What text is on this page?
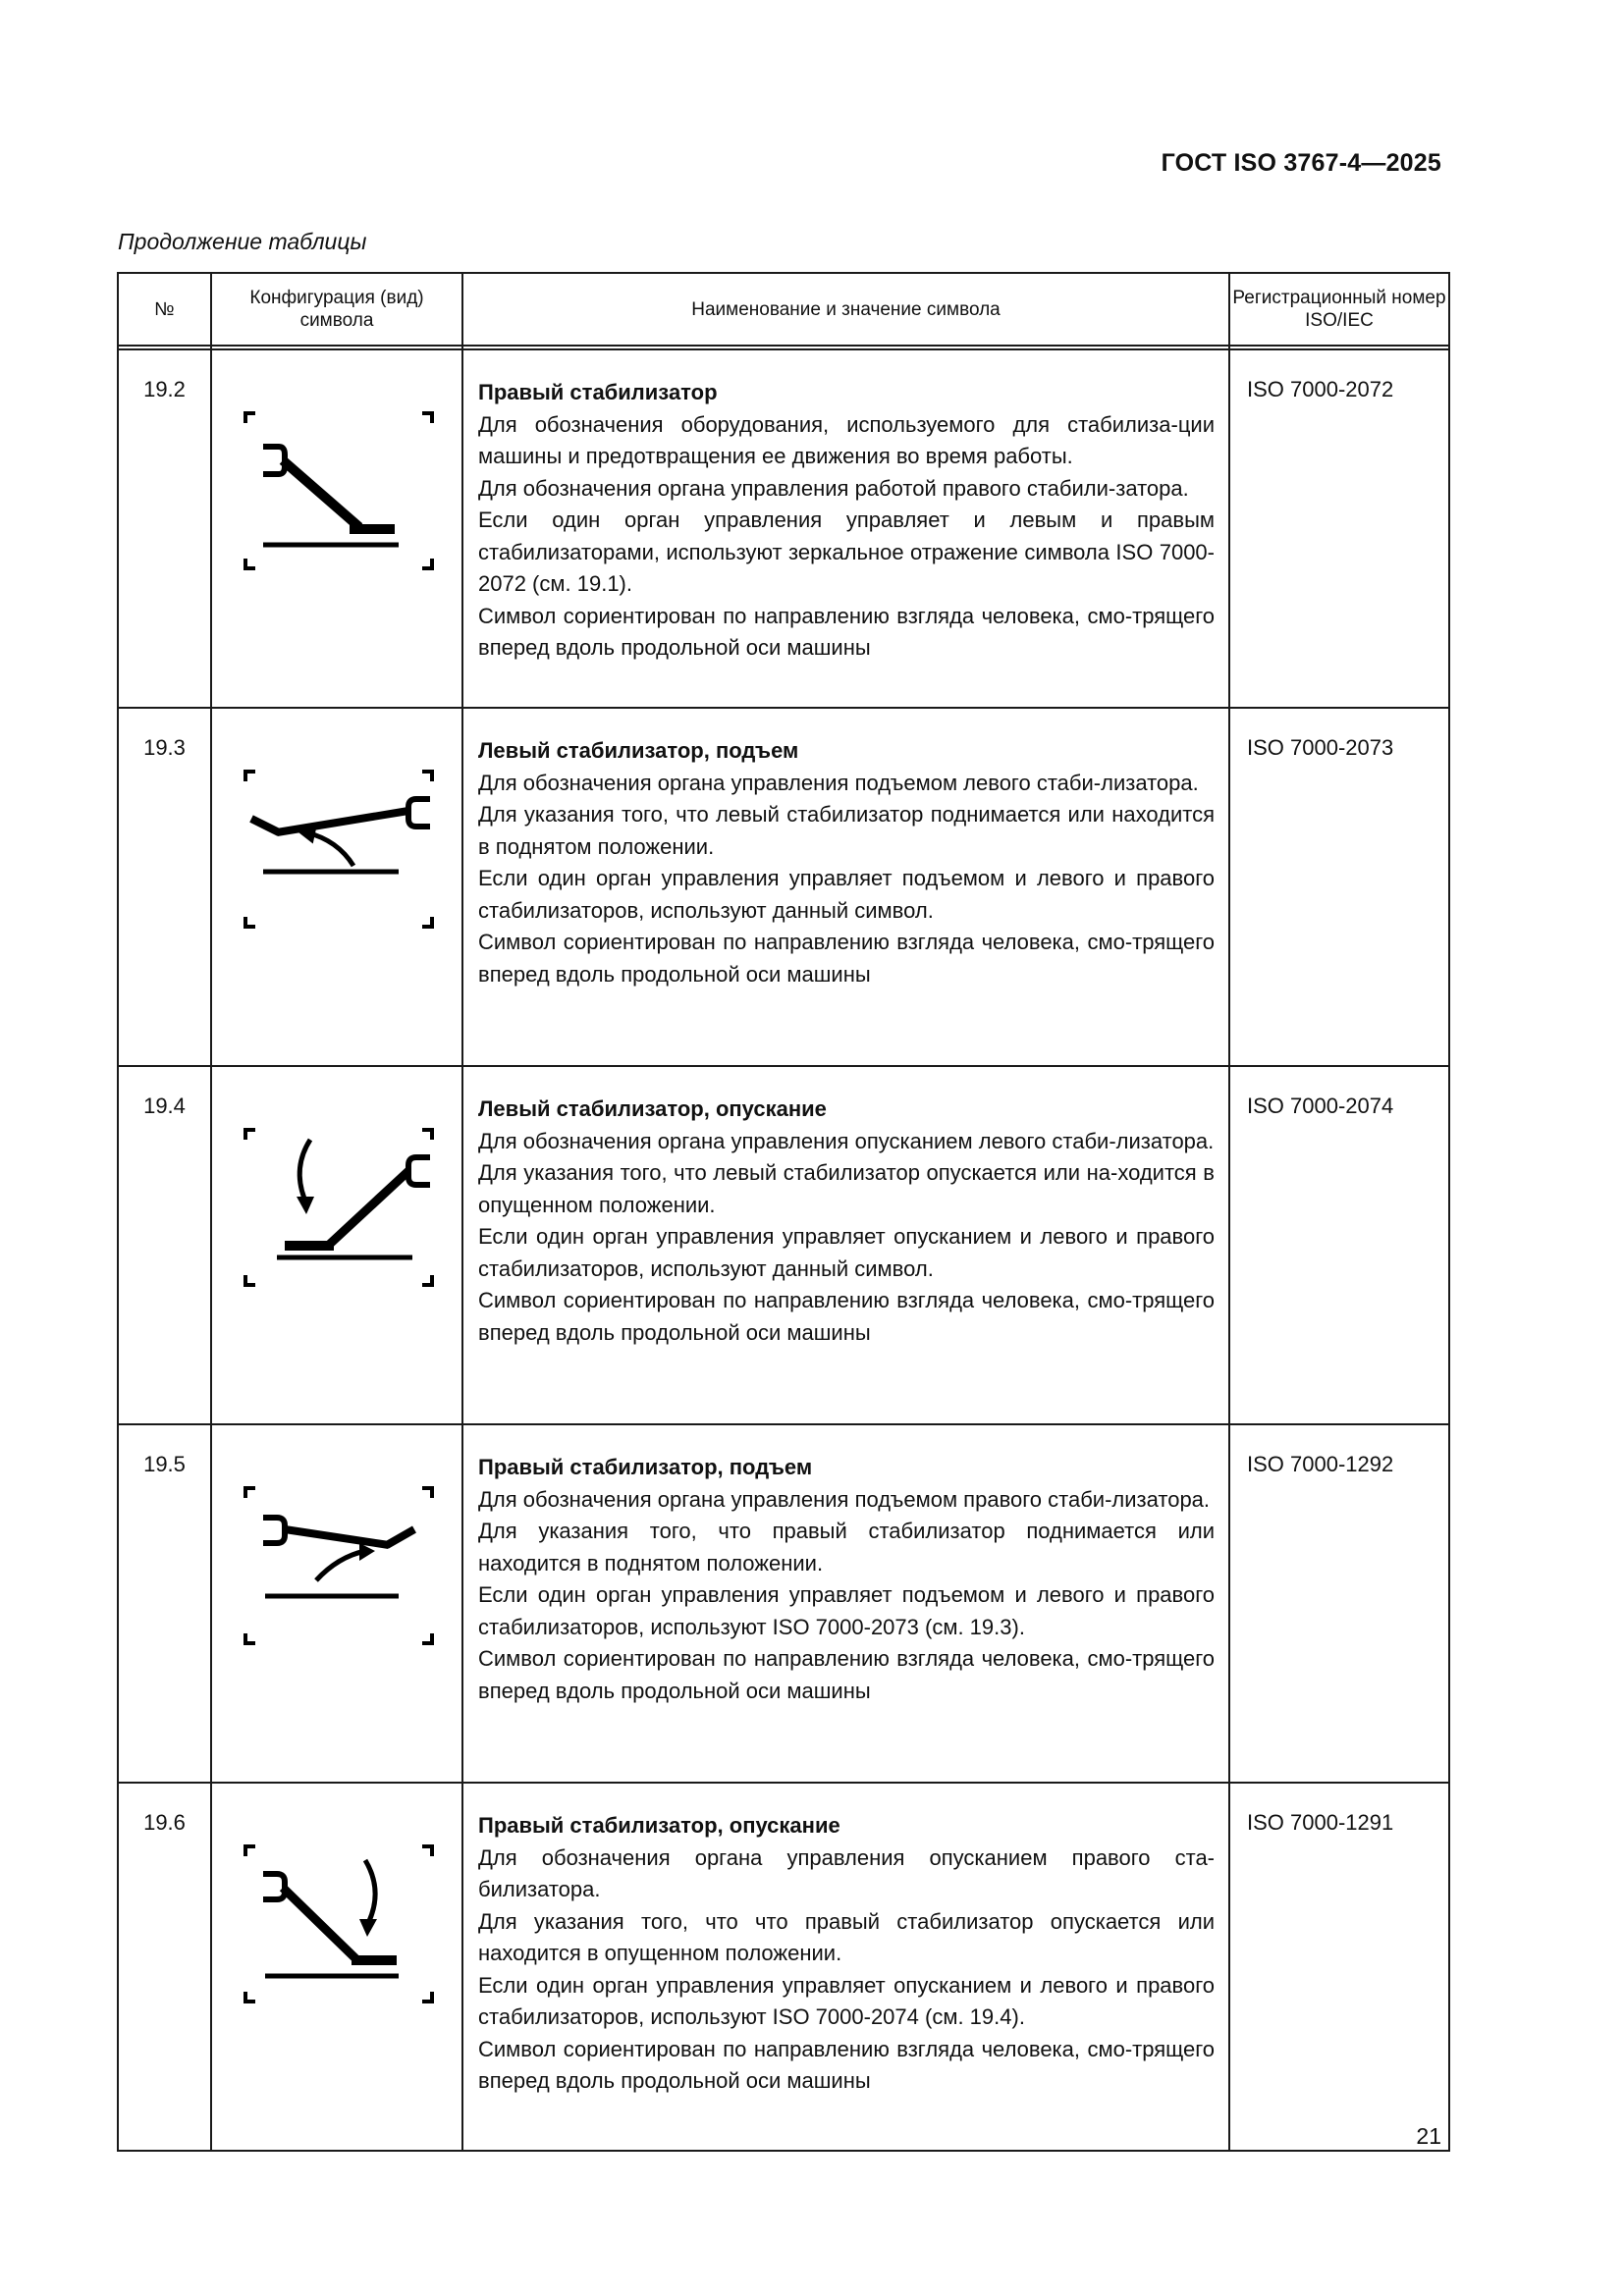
ГОСТ ISO 3767-4—2025
Продолжение таблицы
№	Конфигурация (вид) символа	Наименование и значение символа	Регистрационный номер ISO/IEC

19.2		Правый стабилизатор
Для обозначения оборудования, используемого для стабилиза-ции машины и предотвращения ее движения во время работы.
Для обозначения органа управления работой правого стабили-затора.
Если один орган управления управляет и левым и правым стабилизаторами, используют зеркальное отражение символа ISO 7000-2072 (см. 19.1).
Символ сориентирован по направлению взгляда человека, смо-трящего вперед вдоль продольной оси машины	ISO 7000-2072

19.3		Левый стабилизатор, подъем
Для обозначения органа управления подъемом левого стаби-лизатора.
Для указания того, что левый стабилизатор поднимается или находится в поднятом положении.
Если один орган управления управляет подъемом и левого и правого стабилизаторов, используют данный символ.
Символ сориентирован по направлению взгляда человека, смо-трящего вперед вдоль продольной оси машины	ISO 7000-2073

19.4		Левый стабилизатор, опускание
Для обозначения органа управления опусканием левого стаби-лизатора.
Для указания того, что левый стабилизатор опускается или на-ходится в опущенном положении.
Если один орган управления управляет опусканием и левого и правого стабилизаторов, используют данный символ.
Символ сориентирован по направлению взгляда человека, смо-трящего вперед вдоль продольной оси машины	ISO 7000-2074

19.5		Правый стабилизатор, подъем
Для обозначения органа управления подъемом правого стаби-лизатора.
Для указания того, что правый стабилизатор поднимается или находится в поднятом положении.
Если один орган управления управляет подъемом и левого и правого стабилизаторов, используют ISO 7000-2073 (см. 19.3).
Символ сориентирован по направлению взгляда человека, смо-трящего вперед вдоль продольной оси машины	ISO 7000-1292

19.6		Правый стабилизатор, опускание
Для обозначения органа управления опусканием правого ста-билизатора.
Для указания того, что что правый стабилизатор опускается или находится в опущенном положении.
Если один орган управления управляет опусканием и левого и правого стабилизаторов, используют ISO 7000-2074 (см. 19.4).
Символ сориентирован по направлению взгляда человека, смо-трящего вперед вдоль продольной оси машины	ISO 7000-1291
21
